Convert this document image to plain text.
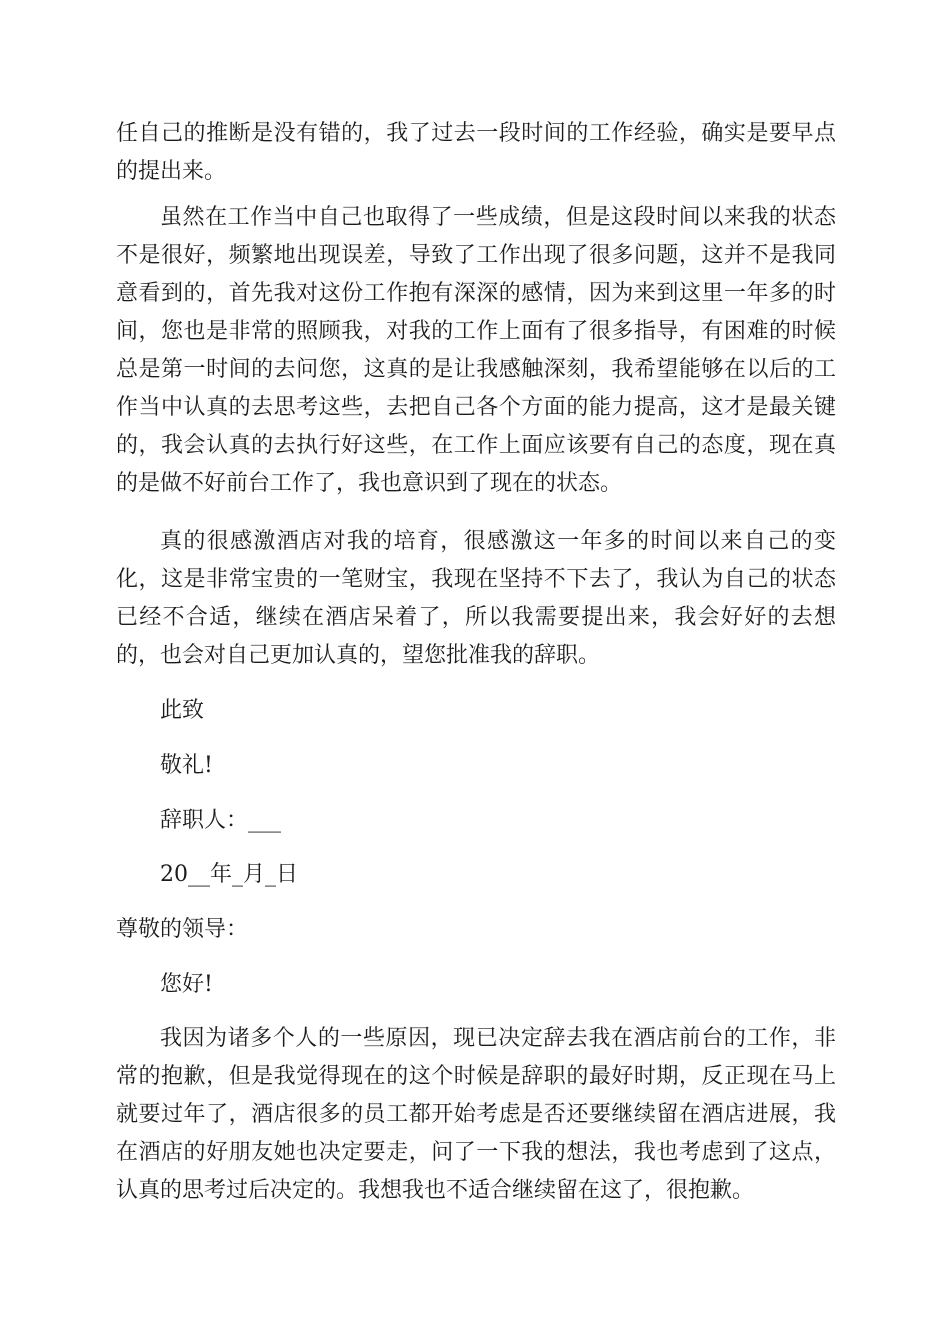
任自己的推断是没有错的，我了过去一段时间的工作经验，确实是要早点
的提出来。
虽然在工作当中自己也取得了一些成绩，但是这段时间以来我的状态
不是很好，频繁地出现误差，导致了工作出现了很多问题，这并不是我同
意看到的，首先我对这份工作抱有深深的感情，因为来到这里一年多的时
间，您也是非常的照顾我，对我的工作上面有了很多指导，有困难的时候
总是第一时间的去问您，这真的是让我感触深刻，我希望能够在以后的工
作当中认真的去思考这些，去把自己各个方面的能力提高，这才是最关键
的，我会认真的去执行好这些，在工作上面应该要有自己的态度，现在真
的是做不好前台工作了，我也意识到了现在的状态。
真的很感激酒店对我的培育，很感激这一年多的时间以来自己的变
化，这是非常宝贵的一笔财宝，我现在坚持不下去了，我认为自己的状态
已经不合适，继续在酒店呆着了，所以我需要提出来，我会好好的去想
的，也会对自己更加认真的，望您批准我的辞职。
此致
敬礼!
辞职人：___
20__年_月_日
尊敬的领导：
您好!
我因为诸多个人的一些原因，现已决定辞去我在酒店前台的工作，非
常的抱歉，但是我觉得现在的这个时候是辞职的最好时期，反正现在马上
就要过年了，酒店很多的员工都开始考虑是否还要继续留在酒店进展，我
在酒店的好朋友她也决定要走，问了一下我的想法，我也考虑到了这点，
认真的思考过后决定的。我想我也不适合继续留在这了，很抱歉。
